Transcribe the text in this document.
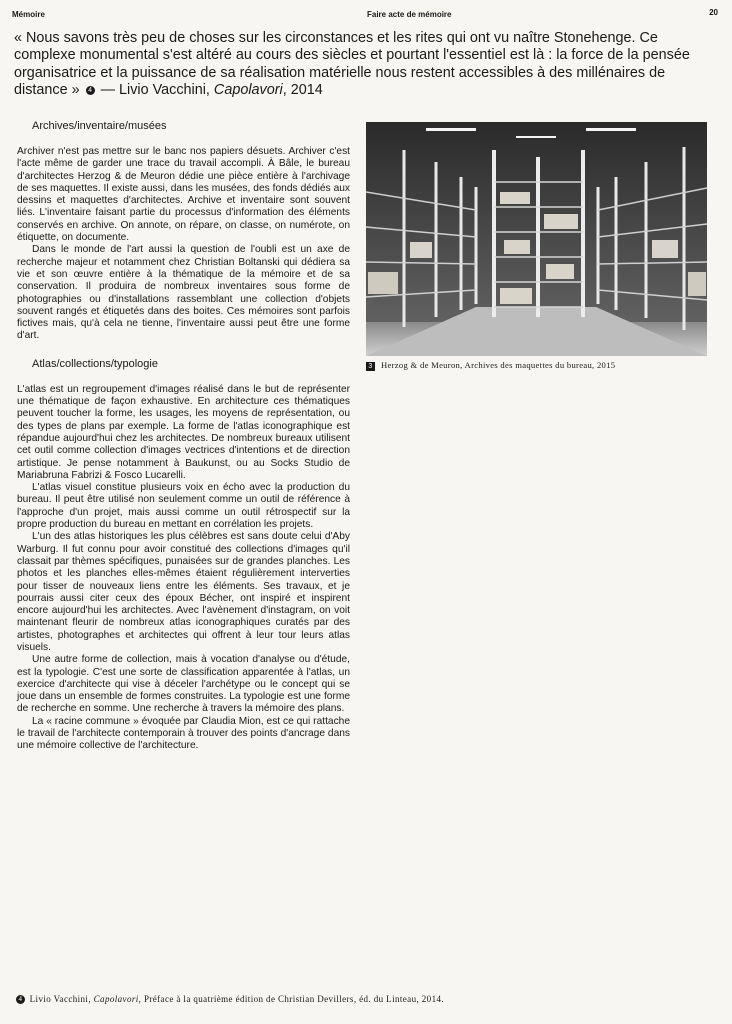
Mémoire	Faire acte de mémoire	20
« Nous savons très peu de choses sur les circonstances et les rites qui ont vu naître Stonehenge. Ce complexe monumental s'est altéré au cours des siècles et pourtant l'essentiel est là : la force de la pensée organisatrice et la puissance de sa réalisation matérielle nous restent accessibles à des millénaires de distance » 4 — Livio Vacchini, Capolavori, 2014
Archives/inventaire/musées

Archiver n'est pas mettre sur le banc nos papiers désuets. Archiver c'est l'acte même de garder une trace du travail accompli. À Bâle, le bureau d'architectes Herzog & de Meuron dédie une pièce entière à l'archivage de ses maquettes. Il existe aussi, dans les musées, des fonds dédiés aux dessins et maquettes d'architectes. Archive et inventaire sont souvent liés. L'inventaire faisant partie du processus d'information des éléments conservés en archive. On annote, on répare, on classe, on numérote, on étiquette, on documente.

Dans le monde de l'art aussi la question de l'oubli est un axe de recherche majeur et notamment chez Christian Boltanski qui dédiera sa vie et son œuvre entière à la thématique de la mémoire et de sa conservation. Il produira de nombreux inventaires sous forme de photographies ou d'installations rassemblant une collection d'objets souvent rangés et étiquetés dans des boites. Ces mémoires sont parfois fictives mais, qu'à cela ne tienne, l'inventaire aussi peut être une forme d'art.

Atlas/collections/typologie

L'atlas est un regroupement d'images réalisé dans le but de représenter une thématique de façon exhaustive. En architecture ces thématiques peuvent toucher la forme, les usages, les moyens de représentation, ou des types de plans par exemple. La forme de l'atlas iconographique est répandue aujourd'hui chez les architectes. De nombreux bureaux utilisent cet outil comme collection d'images vectrices d'intentions et de direction artistique. Je pense notamment à Baukunst, ou au Socks Studio de Mariabruna Fabrizi & Fosco Lucarelli.

L'atlas visuel constitue plusieurs voix en écho avec la production du bureau. Il peut être utilisé non seulement comme un outil de référence à l'approche d'un projet, mais aussi comme un outil rétrospectif sur la propre production du bureau en mettant en corrélation les projets.

L'un des atlas historiques les plus célèbres est sans doute celui d'Aby Warburg. Il fut connu pour avoir constitué des collections d'images qu'il classait par thèmes spécifiques, punaisées sur de grandes planches. Les photos et les planches elles-mêmes étaient régulièrement interverties pour tisser de nouveaux liens entre les éléments. Ses travaux, et je pourrais aussi citer ceux des époux Bécher, ont inspiré et inspirent encore aujourd'hui les architectes. Avec l'avènement d'instagram, on voit maintenant fleurir de nombreux atlas iconographiques curatés par des artistes, photographes et architectes qui offrent à leur tour leurs atlas visuels.

Une autre forme de collection, mais à vocation d'analyse ou d'étude, est la typologie. C'est une sorte de classification apparentée à l'atlas, un exercice d'architecte qui vise à déceler l'archétype ou le concept qui se joue dans un ensemble de formes construites. La typologie est une forme de recherche en somme. Une recherche à travers la mémoire des plans.

La « racine commune » évoquée par Claudia Mion, est ce qui rattache le travail de l'architecte contemporain à trouver des points d'ancrage dans une mémoire collective de l'architecture.

3 Herzog & de Meuron, Archives des maquettes du bureau, 2015
4 Livio Vacchini, Capolavori, Préface à la quatrième édition de Christian Devillers, éd. du Linteau, 2014.
